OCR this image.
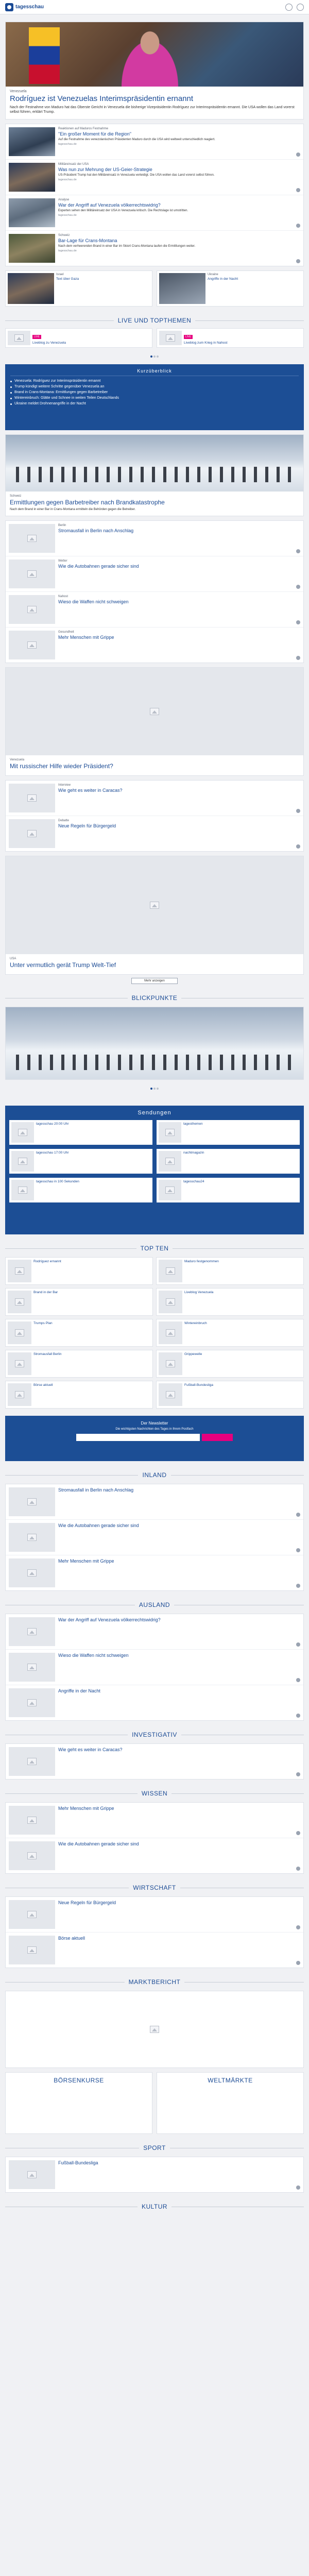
tagesschau
Venezuela
Rodríguez ist Venezuelas Interimspräsidentin ernannt

Nach der Festnahme von Maduro hat das Oberste Gericht in Venezuela die bisherige Vizepräsidentin Rodríguez zur Interimspräsidentin ernannt. Die USA wollen das Land vorerst selbst führen, erklärt Trump.

Reaktionen auf Maduros Festnahme
"Ein großer Moment für die Region"
Auf die Festnahme des venezolanischen Präsidenten Maduro durch die USA wird weltweit unterschiedlich reagiert.
tagesschau.de
Militäreinsatz der USA
Was nun zur Mehrung der US-Geier-Strategie
US-Präsident Trump hat den Militäreinsatz in Venezuela verteidigt. Die USA wollen das Land vorerst selbst führen.
tagesschau.de
Analyse
War der Angriff auf Venezuela völkerrechtswidrig?
Experten sehen den Militäreinsatz der USA in Venezuela kritisch. Die Rechtslage ist umstritten.
tagesschau.de
Schweiz
Bar-Lage für Crans-Montana
Nach dem verheerenden Brand in einer Bar im Skiort Crans-Montana laufen die Ermittlungen weiter.
tagesschau.de
Israel
Text über Gaza
Ukraine
Angriffe in der Nacht
LIVE UND TOPTHEMEN
LIVE
Liveblog zu Venezuela
LIVE
Liveblog zum Krieg in Nahost
Kurzüberblick
Venezuela: Rodríguez zur Interimspräsidentin ernannt
Trump kündigt weitere Schritte gegenüber Venezuela an
Brand in Crans-Montana: Ermittlungen gegen Barbetreiber
Wintereinbruch: Glätte und Schnee in weiten Teilen Deutschlands
Ukraine meldet Drohnenangriffe in der Nacht
Schweiz
Ermittlungen gegen Barbetreiber nach Brandkatastrophe
Nach dem Brand in einer Bar in Crans-Montana ermitteln die Behörden gegen die Betreiber.
Berlin
Stromausfall in Berlin nach Anschlag
Wetter
Wie die Autobahnen gerade sicher sind
Nahost
Wieso die Waffen nicht schweigen
Gesundheit
Mehr Menschen mit Grippe
Venezuela
Mit russischer Hilfe wieder Präsident?
Interview
Wie geht es weiter in Caracas?
Debatte
Neue Regeln für Bürgergeld
USA
Unter vermutlich gerät Trump Welt-Tief
Mehr anzeigen
BLICKPUNKTE
Sendungen
tagesschau 20:00 Uhr	tagesthemen
tagesschau 17:00 Uhr	nachtmagazin
tagesschau in 100 Sekunden	tagesschau24
TOP TEN
Rodríguez ernannt	Maduro festgenommen
Brand in der Bar	Liveblog Venezuela
Trumps Plan	Wintereinbruch
Stromausfall Berlin	Grippewelle
Börse aktuell	Fußball-Bundesliga
Der Newsletter
Die wichtigsten Nachrichten des Tages in Ihrem Postfach
INLAND
Stromausfall in Berlin nach Anschlag
Wie die Autobahnen gerade sicher sind
Mehr Menschen mit Grippe
AUSLAND
War der Angriff auf Venezuela völkerrechtswidrig?
Wieso die Waffen nicht schweigen
Angriffe in der Nacht
INVESTIGATIV
Wie geht es weiter in Caracas?
WISSEN
Mehr Menschen mit Grippe
Wie die Autobahnen gerade sicher sind
WIRTSCHAFT
Neue Regeln für Bürgergeld
Börse aktuell
MARKTBERICHT
BÖRSENKURSE	WELTMÄRKTE
SPORT
Fußball-Bundesliga
KULTUR
